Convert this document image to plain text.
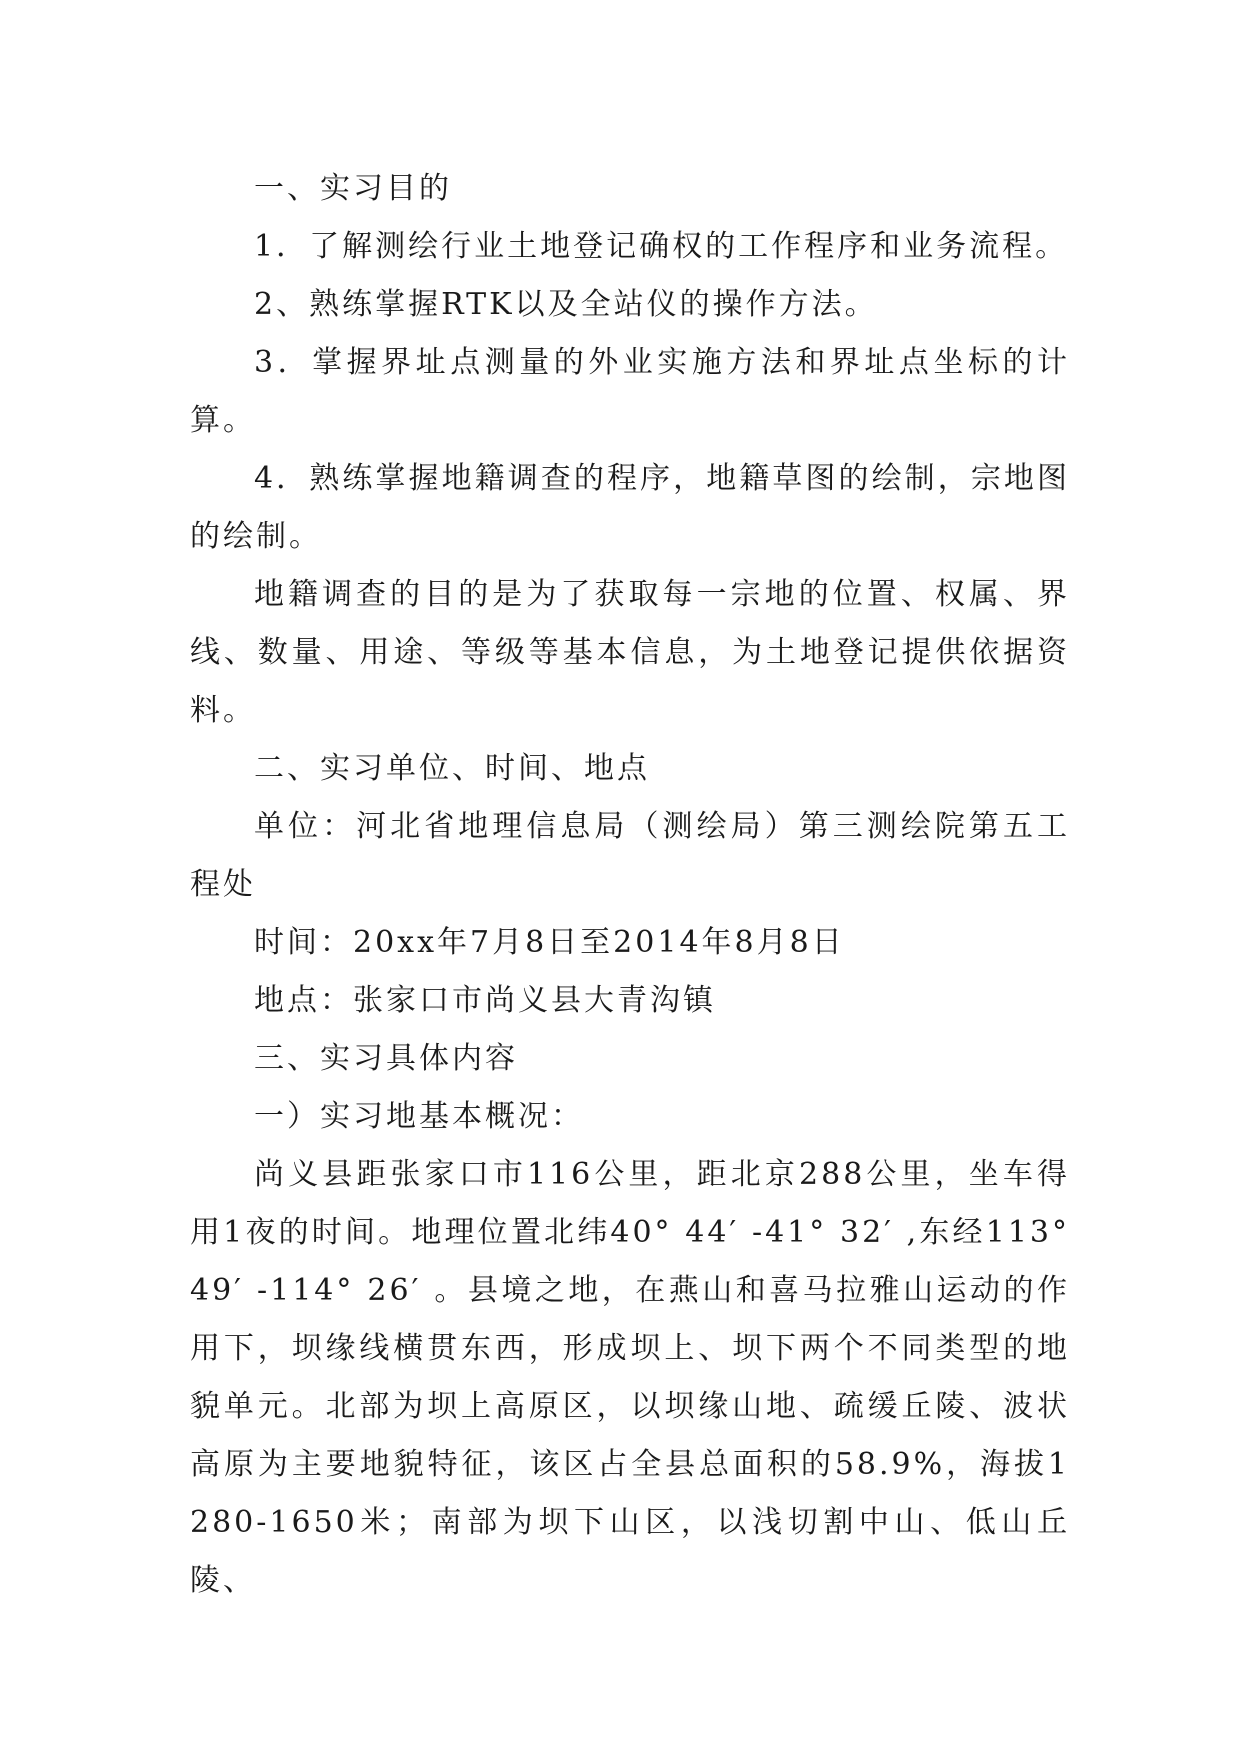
一、实习目的

1．了解测绘行业土地登记确权的工作程序和业务流程。

2、熟练掌握RTK以及全站仪的操作方法。

3．掌握界址点测量的外业实施方法和界址点坐标的计算。

4．熟练掌握地籍调查的程序，地籍草图的绘制，宗地图的绘制。

地籍调查的目的是为了获取每一宗地的位置、权属、界线、数量、用途、等级等基本信息，为土地登记提供依据资料。

二、实习单位、时间、地点

单位：河北省地理信息局（测绘局）第三测绘院第五工程处

时间：20xx年7月8日至2014年8月8日

地点：张家口市尚义县大青沟镇

三、实习具体内容

一）实习地基本概况：

尚义县距张家口市116公里，距北京288公里，坐车得用1夜的时间。地理位置北纬40° 44′ -41° 32′ ,东经113° 49′ -114° 26′ 。县境之地，在燕山和喜马拉雅山运动的作用下，坝缘线横贯东西，形成坝上、坝下两个不同类型的地貌单元。北部为坝上高原区，以坝缘山地、疏缓丘陵、波状高原为主要地貌特征，该区占全县总面积的58.9%，海拔1280-1650米；南部为坝下山区，以浅切割中山、低山丘陵、
